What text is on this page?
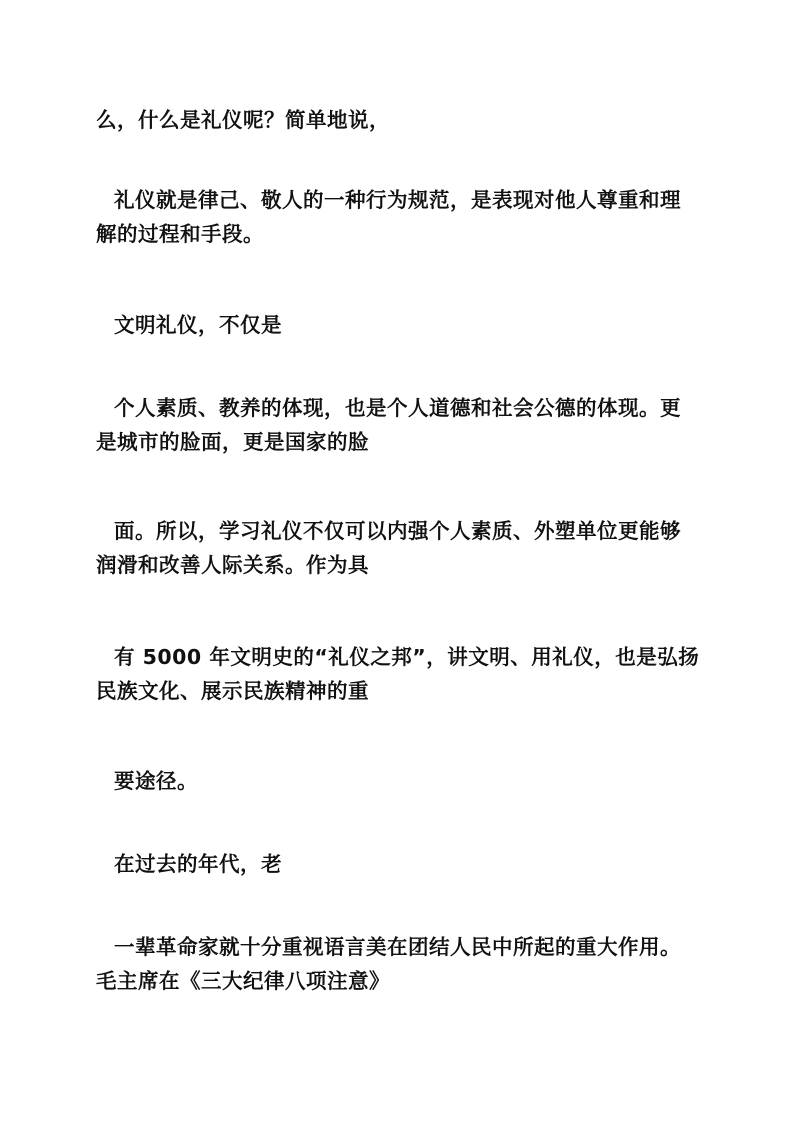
么，什么是礼仪呢？简单地说，

礼仪就是律己、敬人的一种行为规范，是表现对他人尊重和理
解的过程和手段。

文明礼仪，不仅是

个人素质、教养的体现，也是个人道德和社会公德的体现。更
是城市的脸面，更是国家的脸

面。所以，学习礼仪不仅可以内强个人素质、外塑单位更能够
润滑和改善人际关系。作为具

有 5000 年文明史的“礼仪之邦”，讲文明、用礼仪，也是弘扬
民族文化、展示民族精神的重

要途径。

在过去的年代，老

一辈革命家就十分重视语言美在团结人民中所起的重大作用。
毛主席在《三大纪律八项注意》
